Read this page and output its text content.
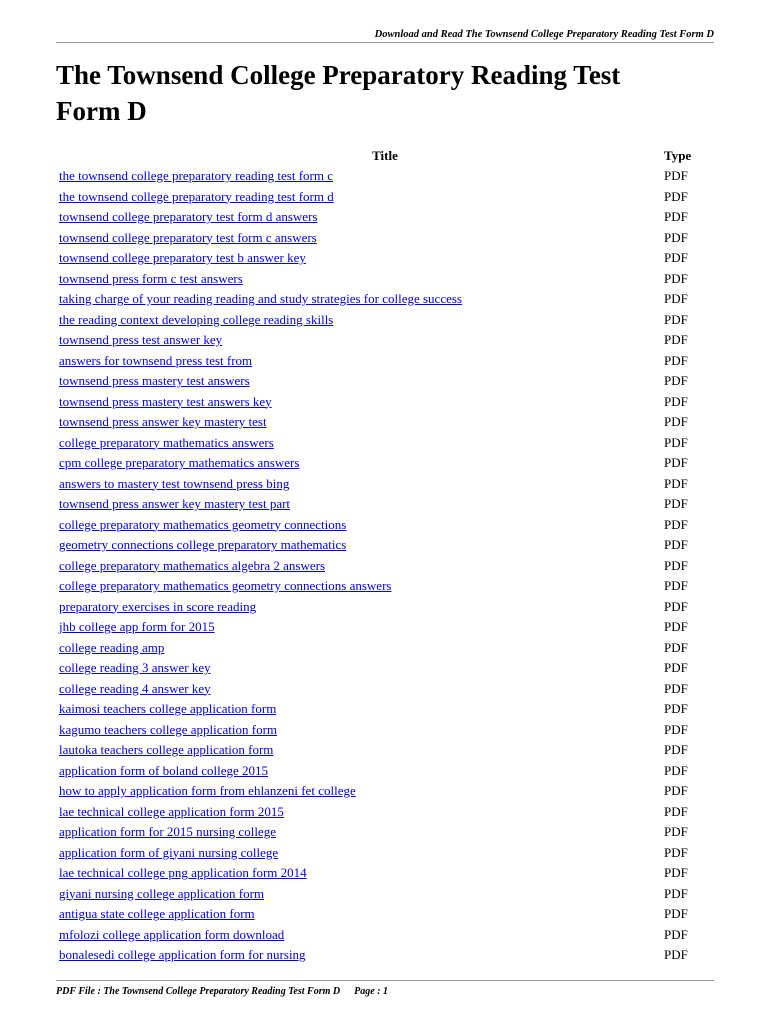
Download and Read The Townsend College Preparatory Reading Test Form D
The Townsend College Preparatory Reading Test
Form D
Title	Type
the townsend college preparatory reading test form c	PDF
the townsend college preparatory reading test form d	PDF
townsend college preparatory test form d answers	PDF
townsend college preparatory test form c answers	PDF
townsend college preparatory test b answer key	PDF
townsend press form c test answers	PDF
taking charge of your reading reading and study strategies for college success	PDF
the reading context developing college reading skills	PDF
townsend press test answer key	PDF
answers for townsend press test from	PDF
townsend press mastery test answers	PDF
townsend press mastery test answers key	PDF
townsend press answer key mastery test	PDF
college preparatory mathematics answers	PDF
cpm college preparatory mathematics answers	PDF
answers to mastery test townsend press bing	PDF
townsend press answer key mastery test part	PDF
college preparatory mathematics geometry connections	PDF
geometry connections college preparatory mathematics	PDF
college preparatory mathematics algebra 2 answers	PDF
college preparatory mathematics geometry connections answers	PDF
preparatory exercises in score reading	PDF
jhb college app form for 2015	PDF
college reading amp	PDF
college reading 3 answer key	PDF
college reading 4 answer key	PDF
kaimosi teachers college application form	PDF
kagumo teachers college application form	PDF
lautoka teachers college application form	PDF
application form of boland college 2015	PDF
how to apply application form from ehlanzeni fet college	PDF
lae technical college application form 2015	PDF
application form for 2015 nursing college	PDF
application form of giyani nursing college	PDF
lae technical college png application form 2014	PDF
giyani nursing college application form	PDF
antigua state college application form	PDF
mfolozi college application form download	PDF
bonalesedi college application form for nursing	PDF
PDF File : The Townsend College Preparatory Reading Test Form D Page : 1
